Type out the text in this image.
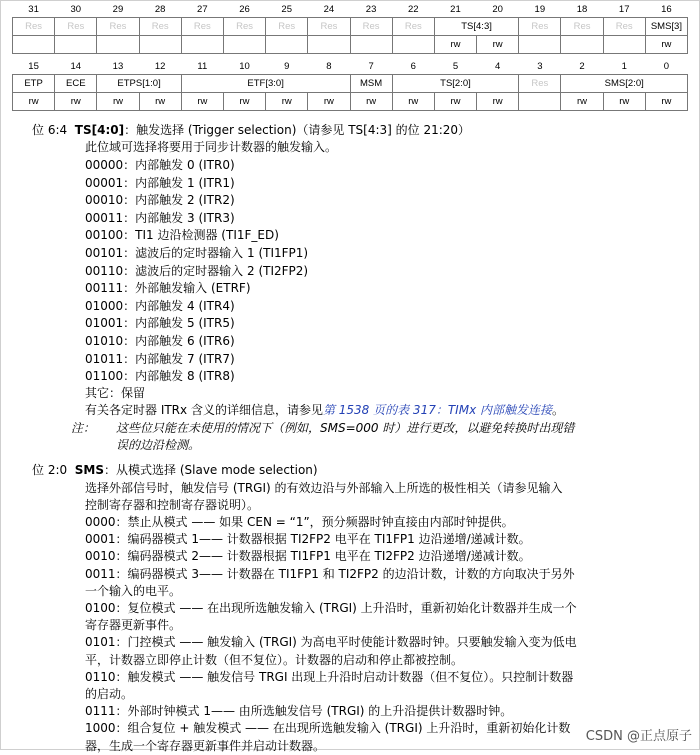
31	30	29	28	27	26	25	24	23	22	21	20	19	18	17	16
Res	Res	Res	Res	Res	Res	Res	Res	Res	Res	TS[4:3]		Res	Res	Res	SMS[3]
										rw	rw				rw
15	14	13	12	11	10	9	8	7	6	5	4	3	2	1	0
ETP	ECE	ETPS[1:0]		ETF[3:0]				MSM	TS[2:0]			Res	SMS[2:0]		
rw	rw	rw	rw	rw	rw	rw	rw	rw	rw	rw	rw		rw	rw	rw
位 6:4 TS[4:0]：触发选择 (Trigger selection)（请参见 TS[4:3] 的位 21:20）
此位域可选择将要用于同步计数器的触发输入。
00000：内部触发 0 (ITR0)
00001：内部触发 1 (ITR1)
00010：内部触发 2 (ITR2)
00011：内部触发 3 (ITR3)
00100：TI1 边沿检测器 (TI1F_ED)
00101：滤波后的定时器输入 1 (TI1FP1)
00110：滤波后的定时器输入 2 (TI2FP2)
00111：外部触发输入 (ETRF)
01000：内部触发 4 (ITR4)
01001：内部触发 5 (ITR5)
01010：内部触发 6 (ITR6)
01011：内部触发 7 (ITR7)
01100：内部触发 8 (ITR8)
其它：保留
有关各定时器 ITRx 含义的详细信息，请参见第 1538 页的表 317：TIMx 内部触发连接。
注： 这些位只能在未使用的情况下（例如，SMS=000 时）进行更改，以避免转换时出现错
误的边沿检测。
位 2:0 SMS：从模式选择 (Slave mode selection)
选择外部信号时，触发信号 (TRGI) 的有效边沿与外部输入上所选的极性相关（请参见输入
控制寄存器和控制寄存器说明）。
0000：禁止从模式 —— 如果 CEN = “1”，预分频器时钟直接由内部时钟提供。
0001：编码器模式 1—— 计数器根据 TI2FP2 电平在 TI1FP1 边沿递增/递减计数。
0010：编码器模式 2—— 计数器根据 TI1FP1 电平在 TI2FP2 边沿递增/递减计数。
0011：编码器模式 3—— 计数器在 TI1FP1 和 TI2FP2 的边沿计数，计数的方向取决于另外
一个输入的电平。
0100：复位模式 —— 在出现所选触发输入 (TRGI) 上升沿时，重新初始化计数器并生成一个
寄存器更新事件。
0101：门控模式 —— 触发输入 (TRGI) 为高电平时使能计数器时钟。只要触发输入变为低电
平，计数器立即停止计数（但不复位）。计数器的启动和停止都被控制。
0110：触发模式 —— 触发信号 TRGI 出现上升沿时启动计数器（但不复位）。只控制计数器
的启动。
0111：外部时钟模式 1—— 由所选触发信号 (TRGI) 的上升沿提供计数器时钟。
1000：组合复位 + 触发模式 —— 在出现所选触发输入 (TRGI) 上升沿时，重新初始化计数
器，生成一个寄存器更新事件并启动计数器。
CSDN @正点原子
